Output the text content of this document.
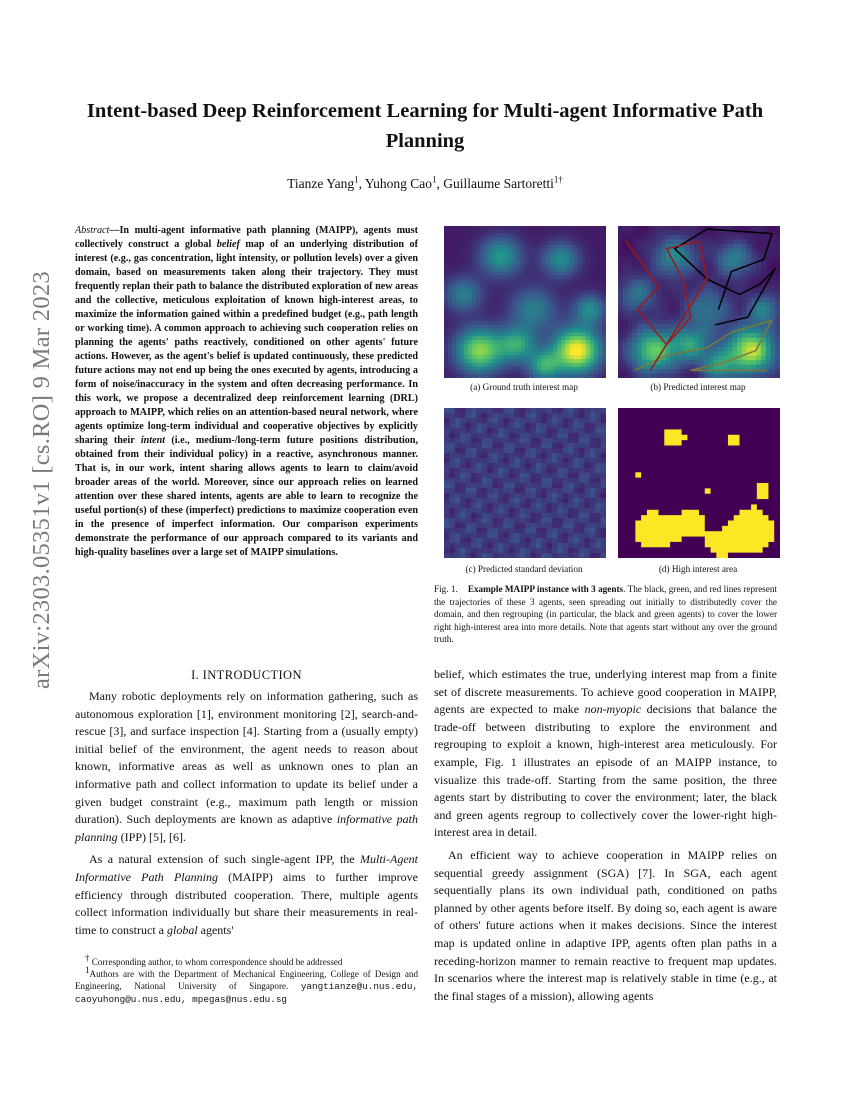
arXiv:2303.05351v1 [cs.RO] 9 Mar 2023
Intent-based Deep Reinforcement Learning for Multi-agent Informative Path Planning
Tianze Yang$^1$, Yuhong Cao$^1$, Guillaume Sartoretti$^{1\dagger}$
Abstract—In multi-agent informative path planning (MAIPP), agents must collectively construct a global belief map of an underlying distribution of interest (e.g., gas concentration, light intensity, or pollution levels) over a given domain, based on measurements taken along their trajectory. They must frequently replan their path to balance the distributed exploration of new areas and the collective, meticulous exploitation of known high-interest areas, to maximize the information gained within a predefined budget (e.g., path length or working time). A common approach to achieving such cooperation relies on planning the agents' paths reactively, conditioned on other agents' future actions. However, as the agent's belief is updated continuously, these predicted future actions may not end up being the ones executed by agents, introducing a form of noise/inaccuracy in the system and often decreasing performance. In this work, we propose a decentralized deep reinforcement learning (DRL) approach to MAIPP, which relies on an attention-based neural network, where agents optimize long-term individual and cooperative objectives by explicitly sharing their intent (i.e., medium-/long-term future positions distribution, obtained from their individual policy) in a reactive, asynchronous manner. That is, in our work, intent sharing allows agents to learn to claim/avoid broader areas of the world. Moreover, since our approach relies on learned attention over these shared intents, agents are able to learn to recognize the useful portion(s) of these (imperfect) predictions to maximize cooperation even in the presence of imperfect information. Our comparison experiments demonstrate the performance of our approach compared to its variants and high-quality baselines over a large set of MAIPP simulations.
I. INTRODUCTION

Many robotic deployments rely on information gathering, such as autonomous exploration [1], environment monitoring [2], search-and-rescue [3], and surface inspection [4]. Starting from a (usually empty) initial belief of the environment, the agent needs to reason about known, informative areas as well as unknown ones to plan an informative path and collect information to update its belief under a given budget constraint (e.g., maximum path length or mission duration). Such deployments are known as adaptive informative path planning (IPP) [5], [6].

As a natural extension of such single-agent IPP, the Multi-Agent Informative Path Planning (MAIPP) aims to further improve efficiency through distributed cooperation. There, multiple agents collect information individually but share their measurements in real-time to construct a global agents'

† Corresponding author, to whom correspondence should be addressed

$^1$Authors are with the Department of Mechanical Engineering, College of Design and Engineering, National University of Singapore. yangtianze@u.nus.edu, caoyuhong@u.nus.edu, mpegas@nus.edu.sg

(a) Ground truth interest map	(b) Predicted interest map
(c) Predicted standard deviation	(d) High interest area
Fig. 1. Example MAIPP instance with 3 agents. The black, green, and red lines represent the trajectories of these 3 agents, seen spreading out initially to distributedly cover the domain, and then regrouping (in particular, the black and green agents) to cover the lower right high-interest area into more details. Note that agents start without any over the ground truth.

belief, which estimates the true, underlying interest map from a finite set of discrete measurements. To achieve good cooperation in MAIPP, agents are expected to make non-myopic decisions that balance the trade-off between distributing to explore the environment and regrouping to exploit a known, high-interest area meticulously. For example, Fig. 1 illustrates an episode of an MAIPP instance, to visualize this trade-off. Starting from the same position, the three agents start by distributing to cover the environment; later, the black and green agents regroup to collectively cover the lower-right high-interest area in detail.

An efficient way to achieve cooperation in MAIPP relies on sequential greedy assignment (SGA) [7]. In SGA, each agent sequentially plans its own individual path, conditioned on paths planned by other agents before itself. By doing so, each agent is aware of others' future actions when it makes decisions. Since the interest map is updated online in adaptive IPP, agents often plan paths in a receding-horizon manner to remain reactive to frequent map updates. In scenarios where the interest map is relatively stable in time (e.g., at the final stages of a mission), allowing agents
